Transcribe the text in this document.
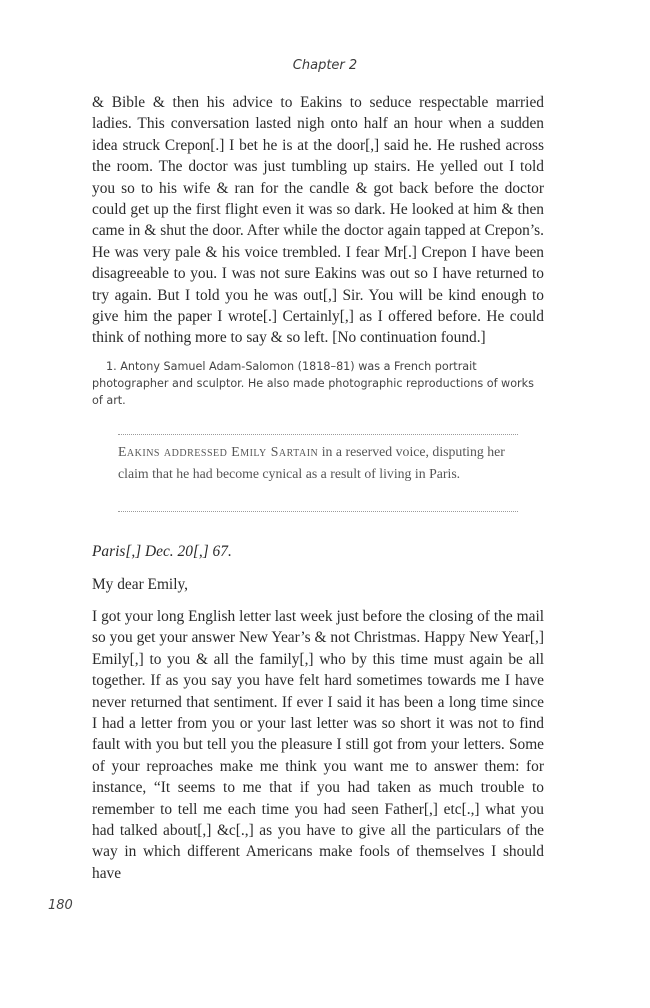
Chapter 2

& Bible & then his advice to Eakins to seduce respectable married ladies. This conversation lasted nigh onto half an hour when a sudden idea struck Crepon[.] I bet he is at the door[,] said he. He rushed across the room. The doctor was just tumbling up stairs. He yelled out I told you so to his wife & ran for the candle & got back before the doctor could get up the first flight even it was so dark. He looked at him & then came in & shut the door. After while the doctor again tapped at Crepon’s. He was very pale & his voice trembled. I fear Mr[.] Crepon I have been disagreeable to you. I was not sure Eakins was out so I have returned to try again. But I told you he was out[,] Sir. You will be kind enough to give him the paper I wrote[.] Certainly[,] as I offered before. He could think of nothing more to say & so left. [No continuation found.]

1. Antony Samuel Adam-Salomon (1818–81) was a French portrait photographer and sculptor. He also made photographic reproductions of works of art.

Eakins addressed Emily Sartain in a reserved voice, disputing her claim that he had become cynical as a result of living in Paris.

Paris[,] Dec. 20[,] 67.
My dear Emily,

I got your long English letter last week just before the closing of the mail so you get your answer New Year’s & not Christmas. Happy New Year[,] Emily[,] to you & all the family[,] who by this time must again be all together. If as you say you have felt hard sometimes towards me I have never returned that sentiment. If ever I said it has been a long time since I had a letter from you or your last letter was so short it was not to find fault with you but tell you the pleasure I still got from your letters. Some of your reproaches make me think you want me to answer them: for instance, “It seems to me that if you had taken as much trouble to remember to tell me each time you had seen Father[,] etc[.,] what you had talked about[,] &c[.,] as you have to give all the particulars of the way in which different Americans make fools of themselves I should have

180
